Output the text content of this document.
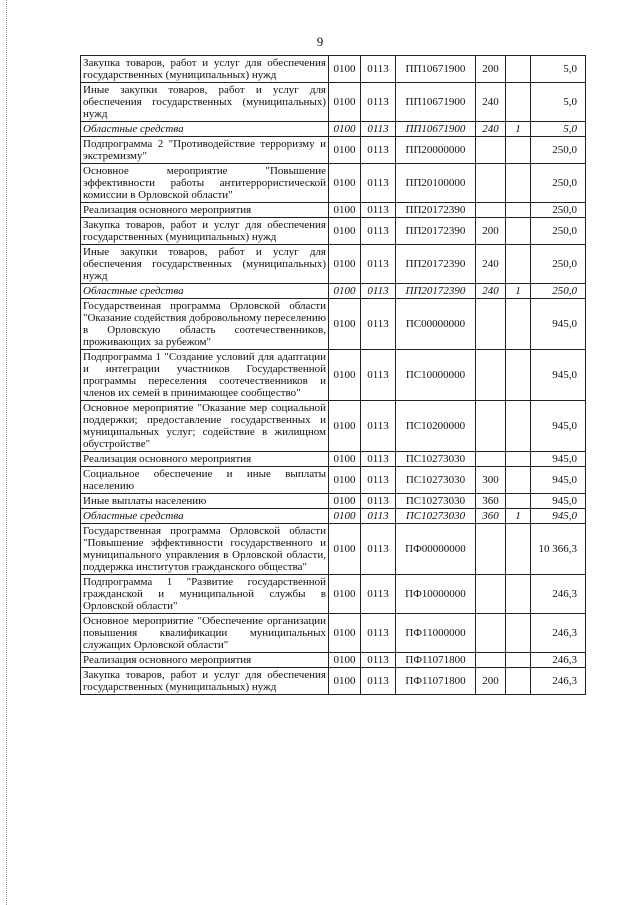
9
Закупка товаров, работ и услуг для обеспечения государственных (муниципальных) нужд	0100	0113	ПП10671900	200		5,0
Иные закупки товаров, работ и услуг для обеспечения государственных (муниципальных) нужд	0100	0113	ПП10671900	240		5,0
Областные средства	0100	0113	ПП10671900	240	1	5,0
Подпрограмма 2 "Противодействие терроризму и экстремизму"	0100	0113	ПП20000000			250,0
Основное мероприятие "Повышение эффективности работы антитеррористической комиссии в Орловской области"	0100	0113	ПП20100000			250,0
Реализация основного мероприятия	0100	0113	ПП20172390			250,0
Закупка товаров, работ и услуг для обеспечения государственных (муниципальных) нужд	0100	0113	ПП20172390	200		250,0
Иные закупки товаров, работ и услуг для обеспечения государственных (муниципальных) нужд	0100	0113	ПП20172390	240		250,0
Областные средства	0100	0113	ПП20172390	240	1	250,0
Государственная программа Орловской области "Оказание содействия добровольному переселению в Орловскую область соотечественников, проживающих за рубежом"	0100	0113	ПС00000000			945,0
Подпрограмма 1 "Создание условий для адаптации и интеграции участников Государственной программы переселения соотечественников и членов их семей в принимающее сообщество"	0100	0113	ПС10000000			945,0
Основное мероприятие "Оказание мер социальной поддержки; предоставление государственных и муниципальных услуг; содействие в жилищном обустройстве"	0100	0113	ПС10200000			945,0
Реализация основного мероприятия	0100	0113	ПС10273030			945,0
Социальное обеспечение и иные выплаты населению	0100	0113	ПС10273030	300		945,0
Иные выплаты населению	0100	0113	ПС10273030	360		945,0
Областные средства	0100	0113	ПС10273030	360	1	945,0
Государственная программа Орловской области "Повышение эффективности государственного и муниципального управления в Орловской области, поддержка институтов гражданского общества"	0100	0113	ПФ00000000			10 366,3
Подпрограмма 1 "Развитие государственной гражданской и муниципальной службы в Орловской области"	0100	0113	ПФ10000000			246,3
Основное мероприятие "Обеспечение организации повышения квалификации муниципальных служащих Орловской области"	0100	0113	ПФ11000000			246,3
Реализация основного мероприятия	0100	0113	ПФ11071800			246,3
Закупка товаров, работ и услуг для обеспечения государственных (муниципальных) нужд	0100	0113	ПФ11071800	200		246,3
